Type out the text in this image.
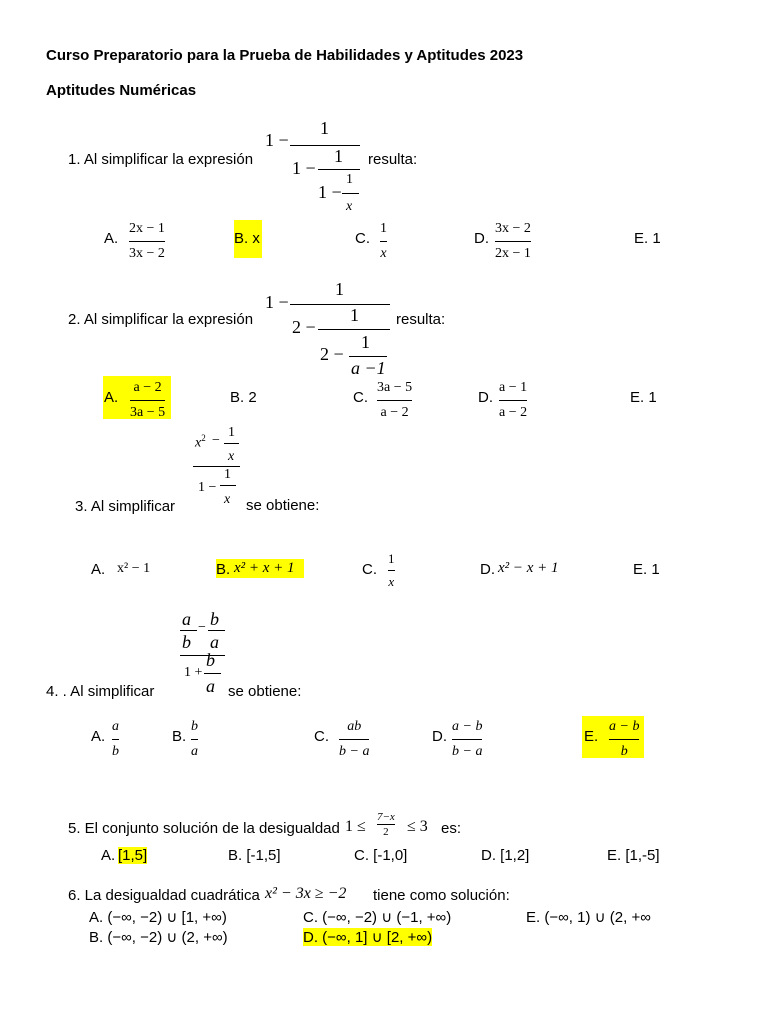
Curso Preparatorio para la Prueba de Habilidades y Aptitudes 2023
Aptitudes Numéricas
1. Al simplificar la expresión
1 −
1
1 −
1
1 −
1
x
resulta:
A.
2x − 1
3x − 2
B. x	C.
1
x
D.
3x − 2
2x − 1
E. 1
2. Al simplificar la expresión
1 −
1
2 −
1
2 −
1
a −1
resulta:
A.
a − 2
3a − 5
B. 2	C.
3a − 5
a − 2
D.
a − 1
a − 2
E. 1
$x^2$ −
1
x
1 −
1
x
3. Al simplificar	se obtiene:
A. x² − 1	B. x² + x + 1	C.
1
x
D. x² − x + 1	E. 1
a
b
− b
a
1 +
b
a
4. . Al simplificar	se obtiene:
A.
a
b
B.
b
a
C.
ab
b − a
D.
a − b
b − a
E.
a − b
b
5. El conjunto solución de la desigualdad 1 ≤
7−x
2 ≤ 3 es:
A. [1,5]	B. [-1,5]	C. [-1,0]	D. [1,2]	E. [1,-5]
6. La desigualdad cuadrática x² − 3x ≥ −2 tiene como solución:
A. (−∞, −2) ∪ [1, +∞)	C. (−∞, −2) ∪ (−1, +∞)	E. (−∞, 1) ∪ (2, +∞
B. (−∞, −2) ∪ (2, +∞)	D. (−∞, 1] ∪ [2, +∞)
